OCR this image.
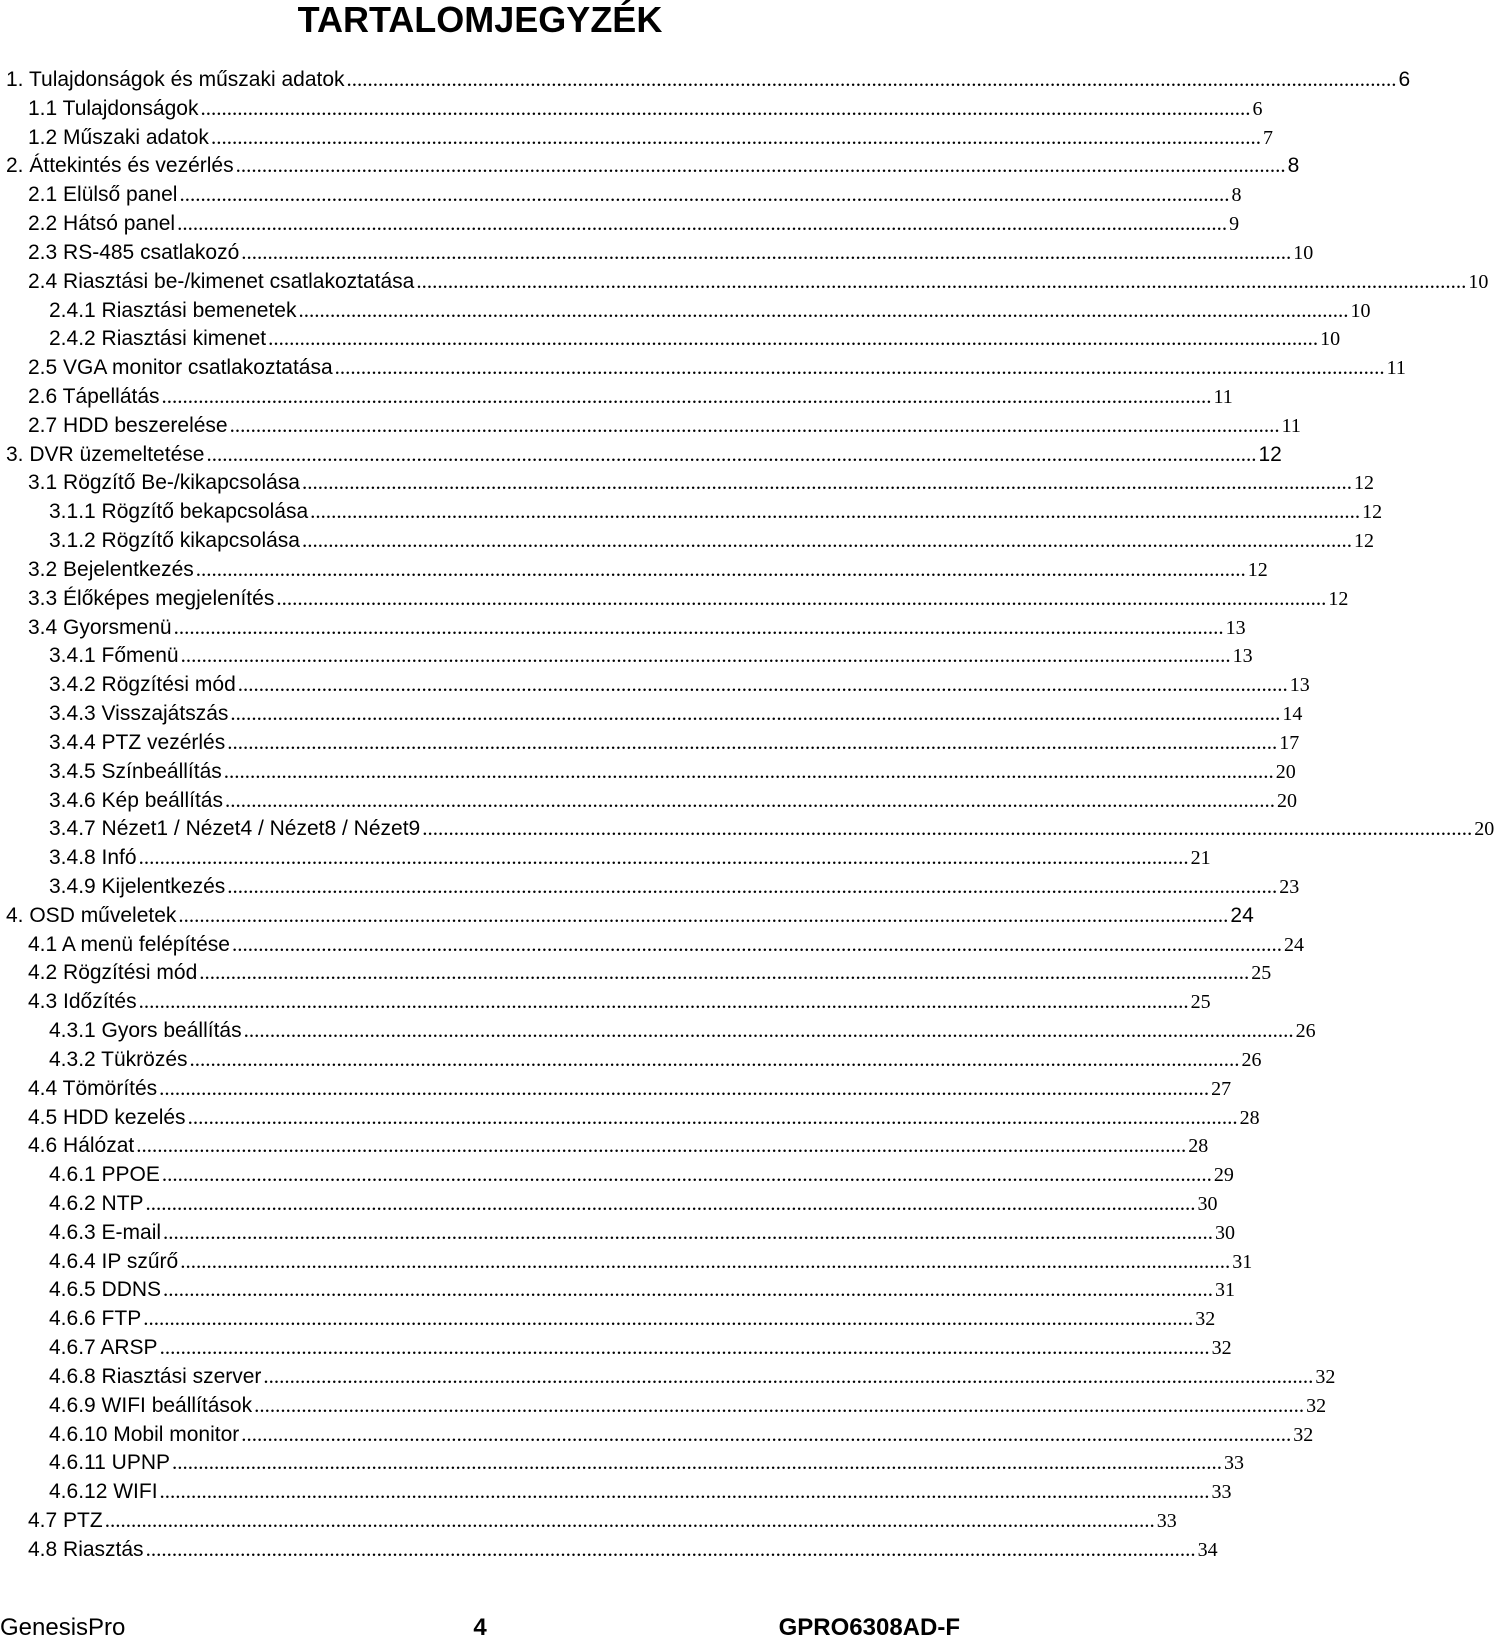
TARTALOMJEGYZÉK
1. Tulajdonságok és műszaki adatok ........................................................................................................................................................................................................ 6
1.1 Tulajdonságok ........................................................................................................................................................................................................ 6
1.2 Műszaki adatok ........................................................................................................................................................................................................ 7
2. Áttekintés és vezérlés ........................................................................................................................................................................................................ 8
2.1 Elülső panel ........................................................................................................................................................................................................ 8
2.2 Hátsó panel ........................................................................................................................................................................................................ 9
2.3 RS-485 csatlakozó ........................................................................................................................................................................................................ 10
2.4 Riasztási be-/kimenet csatlakoztatása ........................................................................................................................................................................................................ 10
2.4.1 Riasztási bemenetek ........................................................................................................................................................................................................ 10
2.4.2 Riasztási kimenet ........................................................................................................................................................................................................ 10
2.5 VGA monitor csatlakoztatása ........................................................................................................................................................................................................ 11
2.6 Tápellátás ........................................................................................................................................................................................................ 11
2.7 HDD beszerelése ........................................................................................................................................................................................................ 11
3. DVR üzemeltetése ........................................................................................................................................................................................................ 12
3.1 Rögzítő Be-/kikapcsolása ........................................................................................................................................................................................................ 12
3.1.1 Rögzítő bekapcsolása ........................................................................................................................................................................................................ 12
3.1.2 Rögzítő kikapcsolása ........................................................................................................................................................................................................ 12
3.2 Bejelentkezés ........................................................................................................................................................................................................ 12
3.3 Élőképes megjelenítés ........................................................................................................................................................................................................ 12
3.4 Gyorsmenü ........................................................................................................................................................................................................ 13
3.4.1 Főmenü ........................................................................................................................................................................................................ 13
3.4.2 Rögzítési mód ........................................................................................................................................................................................................ 13
3.4.3 Visszajátszás ........................................................................................................................................................................................................ 14
3.4.4 PTZ vezérlés ........................................................................................................................................................................................................ 17
3.4.5 Színbeállítás ........................................................................................................................................................................................................ 20
3.4.6 Kép beállítás ........................................................................................................................................................................................................ 20
3.4.7 Nézet1 / Nézet4 / Nézet8 / Nézet9 ........................................................................................................................................................................................................ 20
3.4.8 Infó ........................................................................................................................................................................................................ 21
3.4.9 Kijelentkezés ........................................................................................................................................................................................................ 23
4. OSD műveletek ........................................................................................................................................................................................................ 24
4.1 A menü felépítése ........................................................................................................................................................................................................ 24
4.2 Rögzítési mód ........................................................................................................................................................................................................ 25
4.3 Időzítés ........................................................................................................................................................................................................ 25
4.3.1 Gyors beállítás ........................................................................................................................................................................................................ 26
4.3.2 Tükrözés ........................................................................................................................................................................................................ 26
4.4 Tömörítés ........................................................................................................................................................................................................ 27
4.5 HDD kezelés ........................................................................................................................................................................................................ 28
4.6 Hálózat ........................................................................................................................................................................................................ 28
4.6.1 PPOE ........................................................................................................................................................................................................ 29
4.6.2 NTP ........................................................................................................................................................................................................ 30
4.6.3 E-mail ........................................................................................................................................................................................................ 30
4.6.4 IP szűrő ........................................................................................................................................................................................................ 31
4.6.5 DDNS ........................................................................................................................................................................................................ 31
4.6.6 FTP ........................................................................................................................................................................................................ 32
4.6.7 ARSP ........................................................................................................................................................................................................ 32
4.6.8 Riasztási szerver ........................................................................................................................................................................................................ 32
4.6.9 WIFI beállítások ........................................................................................................................................................................................................ 32
4.6.10 Mobil monitor ........................................................................................................................................................................................................ 32
4.6.11 UPNP ........................................................................................................................................................................................................ 33
4.6.12 WIFI ........................................................................................................................................................................................................ 33
4.7 PTZ ........................................................................................................................................................................................................ 33
4.8 Riasztás ........................................................................................................................................................................................................ 34
GenesisPro	4	GPRO6308AD-F
